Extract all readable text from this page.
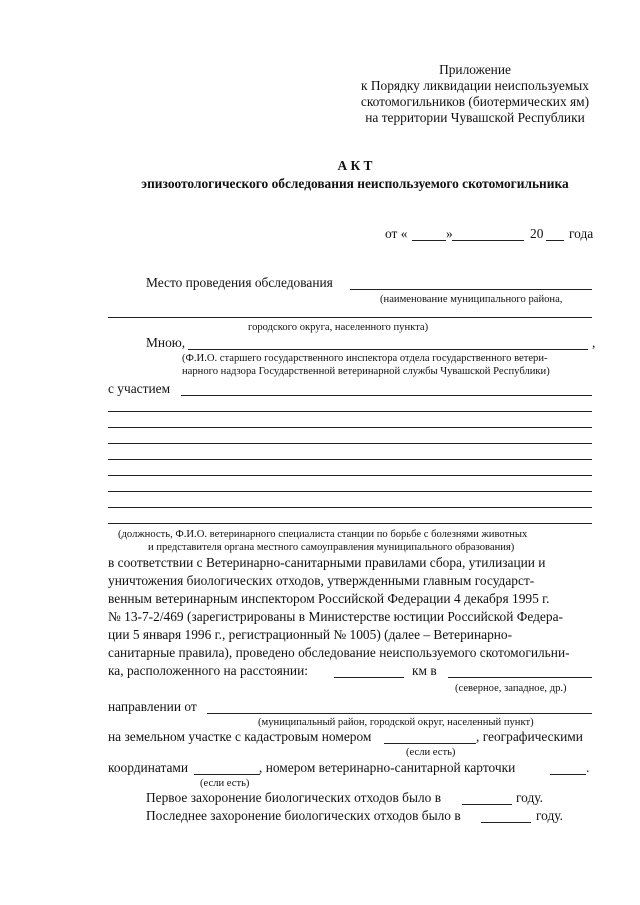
Приложение
к Порядку ликвидации неиспользуемых
скотомогильников (биотермических ям)
на территории Чувашской Республики
А К Т
эпизоотологического обследования неиспользуемого скотомогильника
от «	»	20 года
Место проведения обследования
(наименование муниципального района,
городского округа, населенного пункта)
Мною,	,
(Ф.И.О. старшего государственного инспектора отдела государственного ветери-
нарного надзора Государственной ветеринарной службы Чувашской Республики)
с участием
(должность, Ф.И.О. ветеринарного специалиста станции по борьбе с болезнями животных
и представителя органа местного самоуправления муниципального образования)
в соответствии с Ветеринарно-санитарными правилами сбора, утилизации и
уничтожения биологических отходов, утвержденными главным государст-
венным ветеринарным инспектором Российской Федерации 4 декабря 1995 г.
№ 13-7-2/469 (зарегистрированы в Министерстве юстиции Российской Федера-
ции 5 января 1996 г., регистрационный № 1005) (далее – Ветеринарно-
санитарные правила), проведено обследование неиспользуемого скотомогильни-
ка, расположенного на расстоянии:	км в
(северное, западное, др.)
направлении от
(муниципальный район, городской округ, населенный пункт)
на земельном участке с кадастровым номером	, географическими
(если есть)
координатами	, номером ветеринарно-санитарной карточки	.
(если есть)
Первое захоронение биологических отходов было в	году.
Последнее захоронение биологических отходов было в	году.
